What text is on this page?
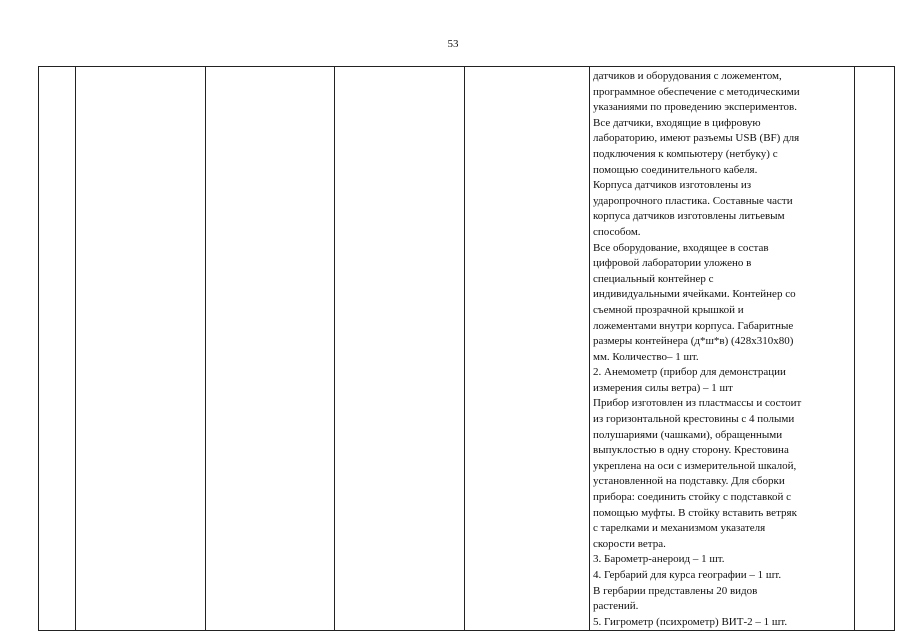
53

датчиков и оборудования с ложементом,
программное обеспечение с методическими
указаниями по проведению экспериментов.
Все датчики, входящие в цифровую
лабораторию, имеют разъемы USB (BF) для
подключения к компьютеру (нетбуку) с
помощью соединительного кабеля.
Корпуса датчиков изготовлены из
ударопрочного пластика. Составные части
корпуса датчиков изготовлены литьевым
способом.
Все оборудование, входящее в состав
цифровой лаборатории уложено в
специальный контейнер с
индивидуальными ячейками. Контейнер со
съемной прозрачной крышкой и
ложементами внутри корпуса. Габаритные
размеры контейнера (д*ш*в) (428x310x80)
мм. Количество– 1 шт.
2. Анемометр (прибор для демонстрации
измерения силы ветра) – 1 шт
Прибор изготовлен из пластмассы и состоит
из горизонтальной крестовины с 4 полыми
полушариями (чашками), обращенными
выпуклостью в одну сторону. Крестовина
укреплена на оси с измерительной шкалой,
установленной на подставку. Для сборки
прибора: соединить стойку с подставкой с
помощью муфты. В стойку вставить ветряк
с тарелками и механизмом указателя
скорости ветра.
3. Барометр-анероид – 1 шт.
4. Гербарий для курса географии – 1 шт.
В гербарии представлены 20 видов
растений.
5. Гигрометр (психрометр) ВИТ-2 – 1 шт.
